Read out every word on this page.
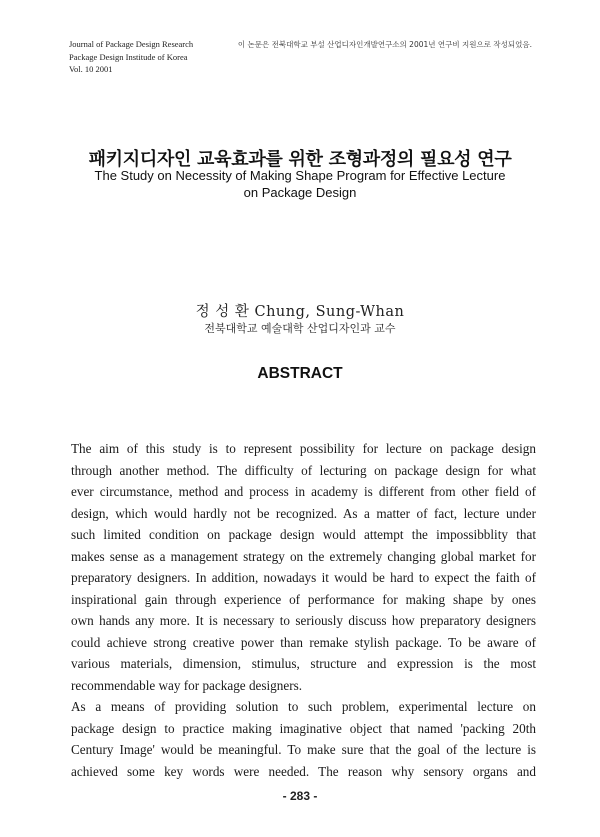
Journal of Package Design Research
Package Design Institude of Korea
Vol. 10 2001
이 논문은 전북대학교 부설 산업디자인개발연구소의 2001년 연구비 지원으로 작성되었음.
패키지디자인 교육효과를 위한 조형과정의 필요성 연구
The Study on Necessity of Making Shape Program for Effective Lecture
on Package Design
정 성 환 Chung, Sung-Whan
전북대학교 예술대학 산업디자인과 교수
ABSTRACT
The aim of this study is to represent possibility for lecture on package design
through another method. The difficulty of lecturing on package design for what
ever circumstance, method and process in academy is different from other field of
design, which would hardly not be recognized. As a matter of fact, lecture under
such limited condition on package design would attempt the impossibblity that
makes sense as a management strategy on the extremely changing global market for
preparatory designers. In addition, nowadays it would be hard to expect the faith of
inspirational gain through experience of performance for making shape by ones
own hands any more. It is necessary to seriously discuss how preparatory designers
could achieve strong creative power than remake stylish package. To be aware of
various materials, dimension, stimulus, structure and expression is the most
recommendable way for package designers.
As a means of providing solution to such problem, experimental lecture on
package design to practice making imaginative object that named 'packing 20th
Century Image' would be meaningful. To make sure that the goal of the lecture is
achieved some key words were needed. The reason why sensory organs and
- 283 -
